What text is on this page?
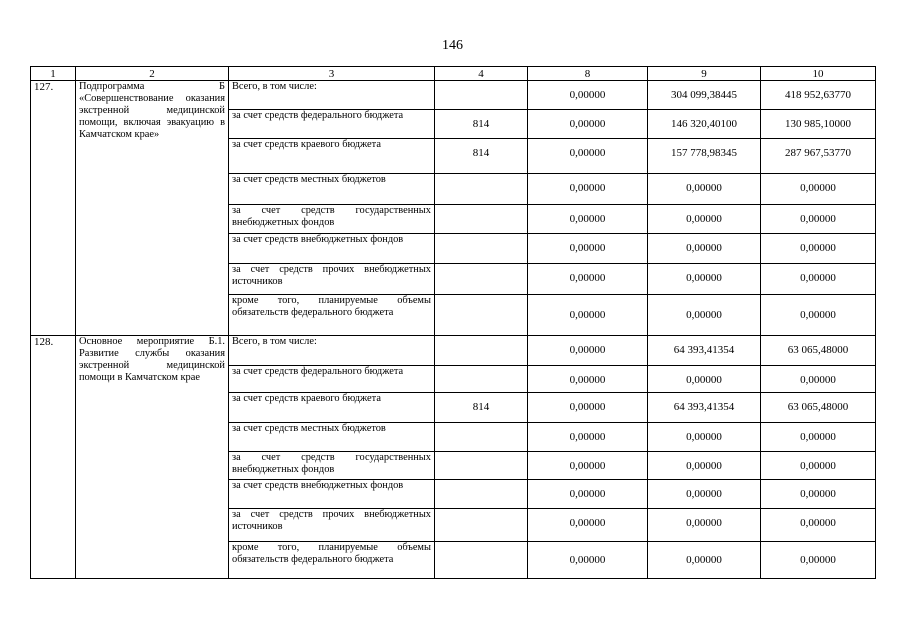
146
1	2	3	4	8	9	10
127.	Подпрограмма Б «Совершенствование оказания экстренной медицинской помощи, включая эвакуацию в Камчатском крае»	Всего, в том числе:		0,00000	304 099,38445	418 952,63770
		за счет средств федерального бюджета	814	0,00000	146 320,40100	130 985,10000
		за счет средств краевого бюджета	814	0,00000	157 778,98345	287 967,53770
		за счет средств местных бюджетов		0,00000	0,00000	0,00000
		за счет средств государственных внебюджетных фондов		0,00000	0,00000	0,00000
		за счет средств внебюджетных фондов		0,00000	0,00000	0,00000
		за счет средств прочих внебюджетных источников		0,00000	0,00000	0,00000
		кроме того, планируемые объемы обязательств федерального бюджета		0,00000	0,00000	0,00000
128.	Основное мероприятие Б.1. Развитие службы оказания экстренной медицинской помощи в Камчатском крае	Всего, в том числе:		0,00000	64 393,41354	63 065,48000
		за счет средств федерального бюджета		0,00000	0,00000	0,00000
		за счет средств краевого бюджета	814	0,00000	64 393,41354	63 065,48000
		за счет средств местных бюджетов		0,00000	0,00000	0,00000
		за счет средств государственных внебюджетных фондов		0,00000	0,00000	0,00000
		за счет средств внебюджетных фондов		0,00000	0,00000	0,00000
		за счет средств прочих внебюджетных источников		0,00000	0,00000	0,00000
		кроме того, планируемые объемы обязательств федерального бюджета		0,00000	0,00000	0,00000
